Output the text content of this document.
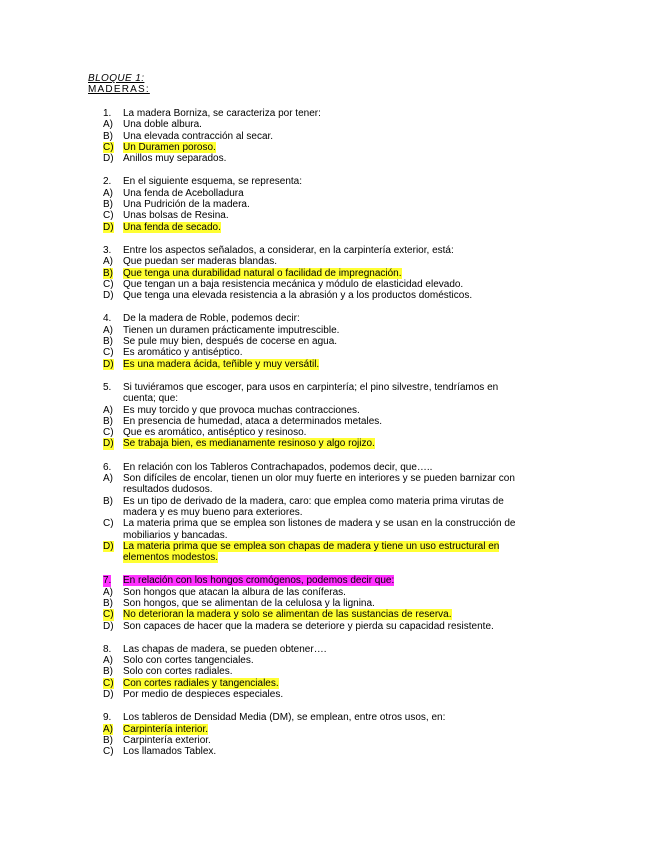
BLOQUE 1:
MADERAS:
1. La madera Borniza, se caracteriza por tener:
A) Una doble albura.
B) Una elevada contracción al secar.
C) Un Duramen poroso.
D) Anillos muy separados.
2. En el siguiente esquema, se representa:
A) Una fenda de Acebolladura
B) Una Pudrición de la madera.
C) Unas bolsas de Resina.
D) Una fenda de secado.
3. Entre los aspectos señalados, a considerar, en la carpintería exterior, está:
A) Que puedan ser maderas blandas.
B) Que tenga una durabilidad natural o facilidad de impregnación.
C) Que tengan un a baja resistencia mecánica y módulo de elasticidad elevado.
D) Que tenga una elevada resistencia a la abrasión y a los productos domésticos.
4. De la madera de Roble, podemos decir:
A) Tienen un duramen prácticamente imputrescible.
B) Se pule muy bien, después de cocerse en agua.
C) Es aromático y antiséptico.
D) Es una madera ácida, teñible y muy versátil.
5. Si tuviéramos que escoger, para usos en carpintería; el pino silvestre, tendríamos en cuenta; que:
A) Es muy torcido y que provoca muchas contracciones.
B) En presencia de humedad, ataca a determinados metales.
C) Que es aromático, antiséptico y resinoso.
D) Se trabaja bien, es medianamente resinoso y algo rojizo.
6. En relación con los Tableros Contrachapados, podemos decir, que…..
A) Son difíciles de encolar, tienen un olor muy fuerte en interiores y se pueden barnizar con resultados dudosos.
B) Es un tipo de derivado de la madera, caro: que emplea como materia prima virutas de madera y es muy bueno para exteriores.
C) La materia prima que se emplea son listones de madera y se usan en la construcción de mobiliarios y bancadas.
D) La materia prima que se emplea son chapas de madera y tiene un uso estructural en elementos modestos.
7. En relación con los hongos cromógenos, podemos decir que:
A) Son hongos que atacan la albura de las coníferas.
B) Son hongos, que se alimentan de la celulosa y la lignina.
C) No deterioran la madera y solo se alimentan de las sustancias de reserva.
D) Son capaces de hacer que la madera se deteriore y pierda su capacidad resistente.
8. Las chapas de madera, se pueden obtener….
A) Solo con cortes tangenciales.
B) Solo con cortes radiales.
C) Con cortes radiales y tangenciales.
D) Por medio de despieces especiales.
9. Los tableros de Densidad Media (DM), se emplean, entre otros usos, en:
A) Carpintería interior.
B) Carpintería exterior.
C) Los llamados Tablex.
